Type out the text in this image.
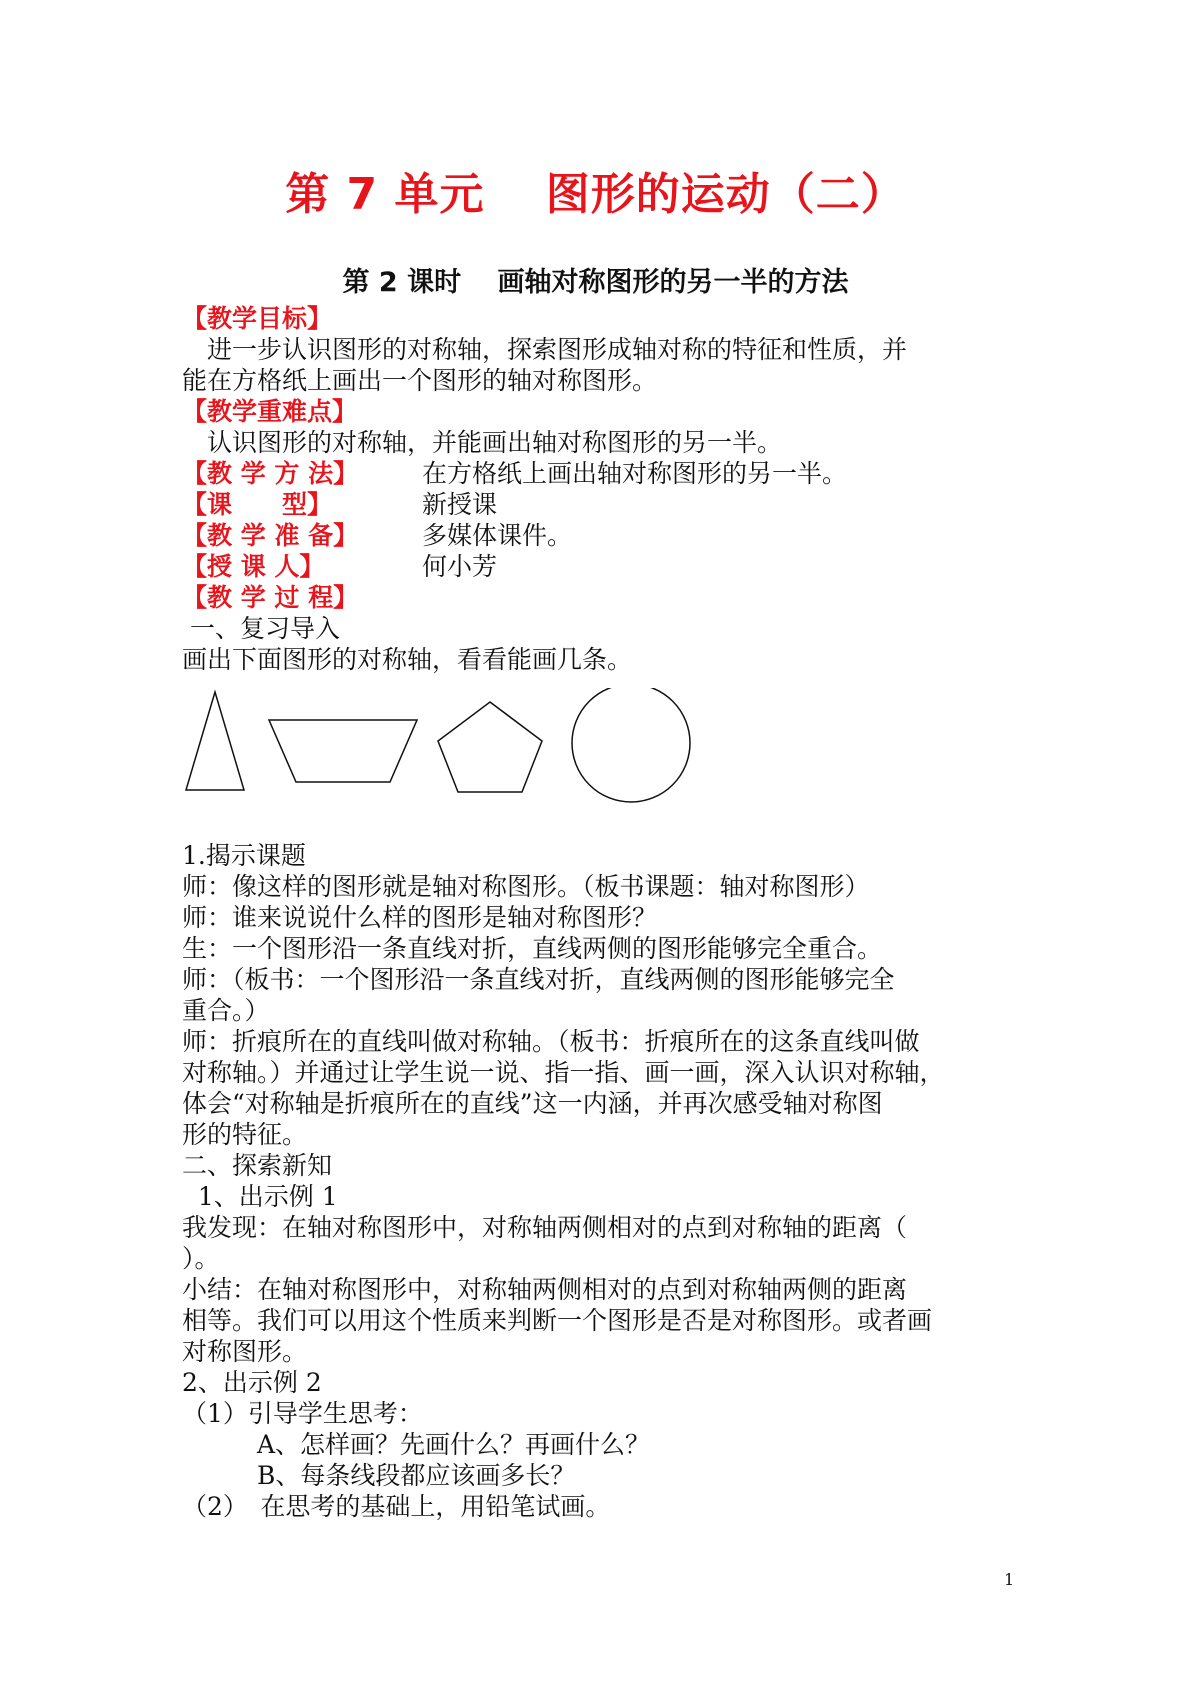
第 7 单元　 图形的运动（二）
第 2 课时　 画轴对称图形的另一半的方法
【教学目标】
　进一步认识图形的对称轴，探索图形成轴对称的特征和性质，并
能在方格纸上画出一个图形的轴对称图形。
【教学重难点】
　认识图形的对称轴，并能画出轴对称图形的另一半。
【教 学 方 法】	在方格纸上画出轴对称图形的另一半。
【课　　型】	新授课
【教 学 准 备】	多媒体课件。
【授 课 人】	何小芳
【教 学 过 程】
一、复习导入
画出下面图形的对称轴，看看能画几条。
1.揭示课题
师：像这样的图形就是轴对称图形。（板书课题：轴对称图形）
师：谁来说说什么样的图形是轴对称图形？
生：一个图形沿一条直线对折，直线两侧的图形能够完全重合。
师：（板书：一个图形沿一条直线对折，直线两侧的图形能够完全
重合。）
师：折痕所在的直线叫做对称轴。（板书：折痕所在的这条直线叫做
对称轴。）并通过让学生说一说、指一指、画一画，深入认识对称轴，
体会“对称轴是折痕所在的直线”这一内涵，并再次感受轴对称图
形的特征。
二、探索新知
1、出示例 1
我发现：在轴对称图形中，对称轴两侧相对的点到对称轴的距离（
）。
小结：在轴对称图形中，对称轴两侧相对的点到对称轴两侧的距离
相等。我们可以用这个性质来判断一个图形是否是对称图形。或者画
对称图形。
2、出示例 2
（1）引导学生思考：
　　　A、怎样画？先画什么？再画什么？
　　　B、每条线段都应该画多长？
（2）　在思考的基础上，用铅笔试画。
1
